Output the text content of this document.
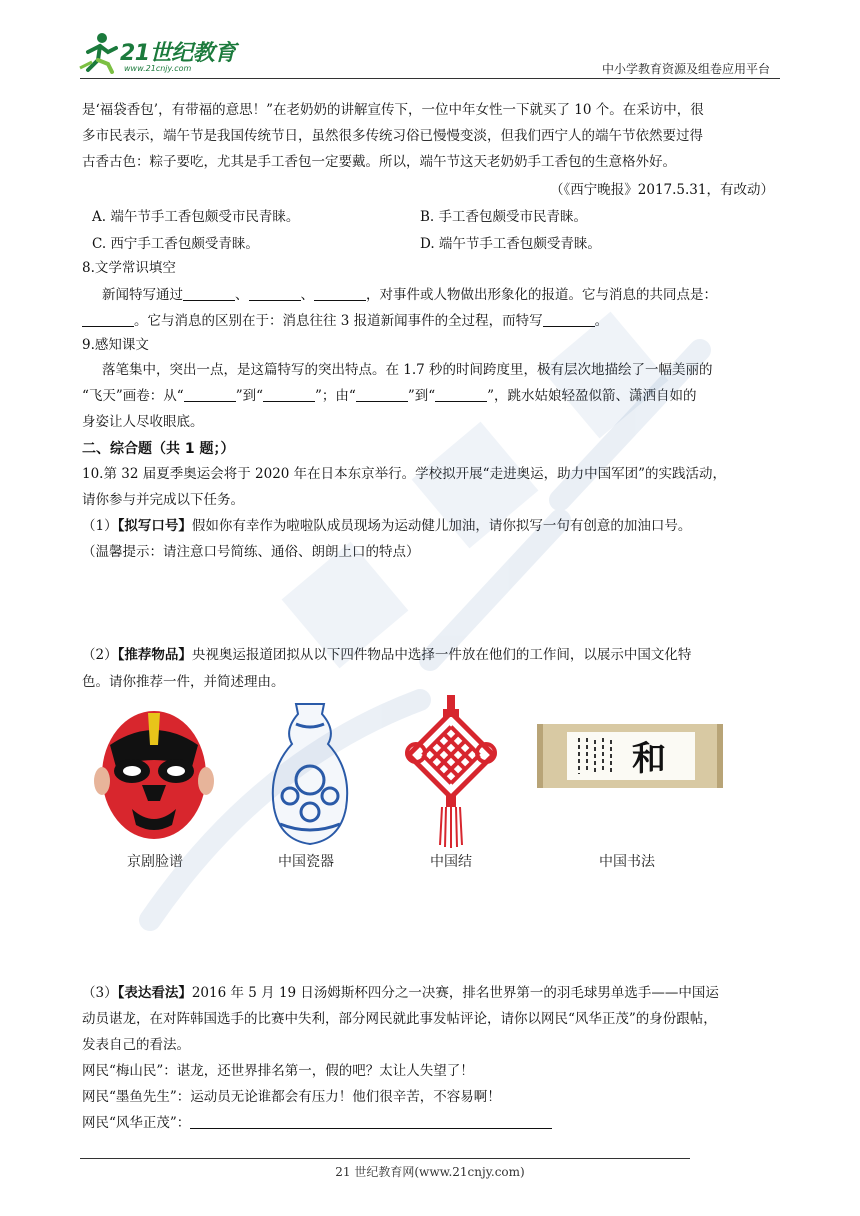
21世纪教育
www.21cnjy.com	中小学教育资源及组卷应用平台
是‘福袋香包’，有带福的意思！”在老奶奶的讲解宣传下，一位中年女性一下就买了 10 个。在采访中，很
多市民表示，端午节是我国传统节日，虽然很多传统习俗已慢慢变淡，但我们西宁人的端午节依然要过得
古香古色：粽子要吃，尤其是手工香包一定要戴。所以，端午节这天老奶奶手工香包的生意格外好。
（《西宁晚报》2017.5.31，有改动）
A. 端午节手工香包颇受市民青睐。	B. 手工香包颇受市民青睐。
C. 西宁手工香包颇受青睐。	D. 端午节手工香包颇受青睐。
8.文学常识填空
新闻特写通过	、	、	，对事件或人物做出形象化的报道。它与消息的共同点是：
。它与消息的区别在于：消息往往 3 报道新闻事件的全过程，而特写	。
9.感知课文
落笔集中，突出一点，是这篇特写的突出特点。在 1.7 秒的时间跨度里，极有层次地描绘了一幅美丽的
“飞天”画卷：从“	”到“	”；由“	”到“	”，跳水姑娘轻盈似箭、潇洒自如的
身姿让人尽收眼底。
二、综合题（共 1 题；）
10.第 32 届夏季奥运会将于 2020 年在日本东京举行。学校拟开展“走进奥运，助力中国军团”的实践活动，
请你参与并完成以下任务。
（1）【拟写口号】假如你有幸作为啦啦队成员现场为运动健儿加油，请你拟写一句有创意的加油口号。
（温馨提示：请注意口号简练、通俗、朗朗上口的特点）
（2）【推荐物品】央视奥运报道团拟从以下四件物品中选择一件放在他们的工作间，以展示中国文化特
色。请你推荐一件，并简述理由。
和
京剧脸谱	中国瓷器	中国结	中国书法
（3）【表达看法】2016 年 5 月 19 日汤姆斯杯四分之一决赛，排名世界第一的羽毛球男单选手——中国运
动员谌龙，在对阵韩国选手的比赛中失利，部分网民就此事发帖评论，请你以网民“风华正茂”的身份跟帖，
发表自己的看法。
网民“梅山民”：谌龙，还世界排名第一，假的吧？太让人失望了！
网民“墨鱼先生”：运动员无论谁都会有压力！他们很辛苦，不容易啊！
网民“风华正茂”：
21 世纪教育网(www.21cnjy.com)
